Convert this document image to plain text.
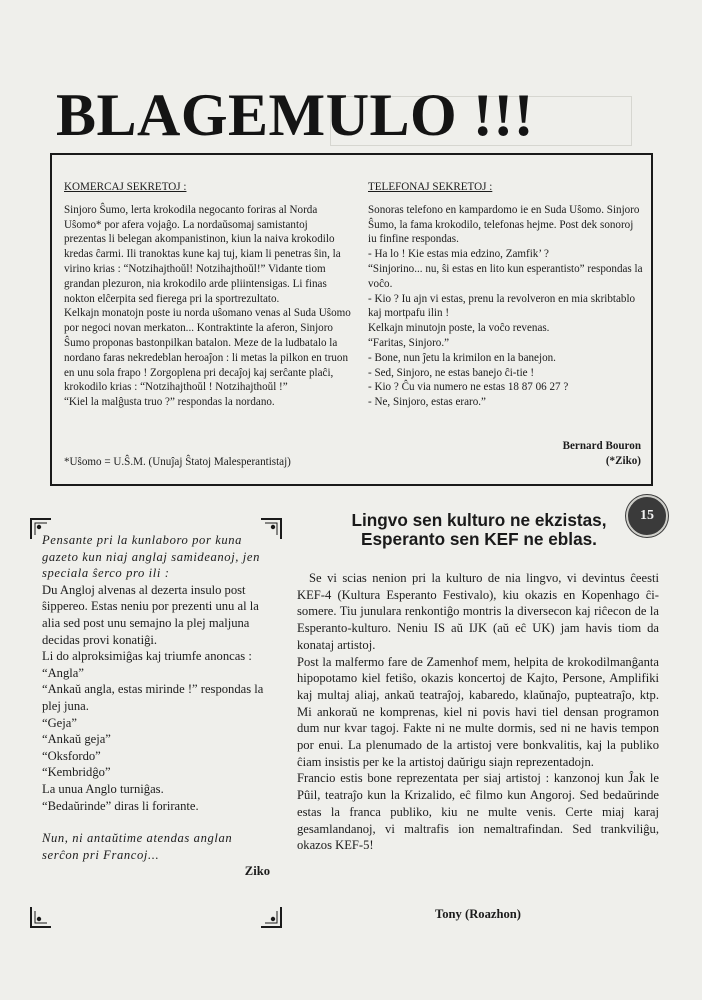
BLAGEMULO !!!

KOMERCAJ SEKRETOJ :

Sinjoro Ŝumo, lerta krokodila negocanto foriras al Norda Uŝomo* por afera vojaĝo. La nordaŭsomaj samistantoj prezentas li belegan akompanistinon, kiun la naiva krokodilo kredas ĉarmi. Ili tranoktas kune kaj tuj, kiam li penetras ŝin, la virino krias : “Notzihajthoŭl! Notzihajthoŭl!” Vidante tiom grandan plezuron, nia krokodilo arde pliintensigas. Li finas nokton elĉerpita sed fierega pri la sportrezultato.

Kelkajn monatojn poste iu norda uŝomano venas al Suda Uŝomo por negoci novan merkaton... Kontraktinte la aferon, Sinjoro Ŝumo proponas bastonpilkan batalon. Meze de la ludbatalo la nordano faras nekredeblan heroaĵon : li metas la pilkon en truon en unu sola frapo ! Zorgoplena pri decaĵoj kaj serĉante plaĉi, krokodilo krias : “Notzihajthoŭl ! Notzihajthoŭl !”

“Kiel la malĝusta truo ?” respondas la nordano.

*Uŝomo = U.Ŝ.M. (Unuĵaj Ŝtatoj Malesperantistaj)

TELEFONAJ SEKRETOJ :

Sonoras telefono en kampardomo ie en Suda Uŝomo. Sinjoro Ŝumo, la fama krokodilo, telefonas hejme. Post dek sonoroj iu finfine respondas.

- Ha lo ! Kie estas mia edzino, Zamfik’ ?

“Sinjorino... nu, ŝi estas en lito kun esperantisto” respondas la voĉo.

- Kio ? Iu ajn vi estas, prenu la revolveron en mia skribtablo kaj mortpafu ilin !

Kelkajn minutojn poste, la voĉo revenas.

“Faritas, Sinjoro.”

- Bone, nun ĵetu la krimilon en la banejon.

- Sed, Sinjoro, ne estas banejo ĉi-tie !

- Kio ? Ĉu via numero ne estas 18 87 06 27 ?

- Ne, Sinjoro, estas eraro.”

Bernard Bouron
(*Ziko)
15

Pensante pri la kunlaboro por kuna gazeto kun niaj anglaj samideanoj, jen speciala ŝerco pro ili :

Du Angloj alvenas al dezerta insulo post ŝippereo. Estas neniu por prezenti unu al la alia sed post unu semajno la plej maljuna decidas provi konatiĝi.

Li do alproksimiĝas kaj triumfe anoncas :

“Angla”

“Ankaŭ angla, estas mirinde !” respondas la plej juna.

“Geja”

“Ankaŭ geja”

“Oksfordo”

“Kembridĝo”

La unua Anglo turniĝas.

“Bedaŭrinde” diras li forirante.

Nun, ni antaŭtime atendas anglan serĉon pri Francoj...

Ziko

Lingvo sen kulturo ne ekzistas,
Esperanto sen KEF ne eblas.

Se vi scias nenion pri la kulturo de nia lingvo, vi devintus ĉeesti KEF-4 (Kultura Esperanto Festivalo), kiu okazis en Kopenhago ĉi-somere. Tiu junulara renkontiĝo montris la diversecon kaj riĉecon de la Esperanto-kulturo. Neniu IS aŭ IJK (aŭ eĉ UK) jam havis tiom da konataj artistoj.

Post la malfermo fare de Zamenhof mem, helpita de krokodilmanĝanta hipopotamo kiel fetiŝo, okazis koncertoj de Kajto, Persone, Amplifiki kaj multaj aliaj, ankaŭ teatraĵoj, kabaredo, klaŭnaĵo, pupteatraĵo, ktp. Mi ankoraŭ ne komprenas, kiel ni povis havi tiel densan programon dum nur kvar tagoj. Fakte ni ne multe dormis, sed ni ne havis tempon por enui. La plenumado de la artistoj vere bonkvalitis, kaj la publiko ĉiam insistis per ke la artistoj daŭrigu siajn reprezentadojn.

Francio estis bone reprezentata per siaj artistoj : kanzonoj kun Ĵak le Pûil, teatraĵo kun la Krizalido, eĉ filmo kun Angoroj. Sed bedaŭrinde estas la franca publiko, kiu ne multe venis. Certe miaj karaj gesamlandanoj, vi maltrafis ion nemaltrafindan. Sed trankviliĝu, okazos KEF-5!

Tony (Roazhon)
